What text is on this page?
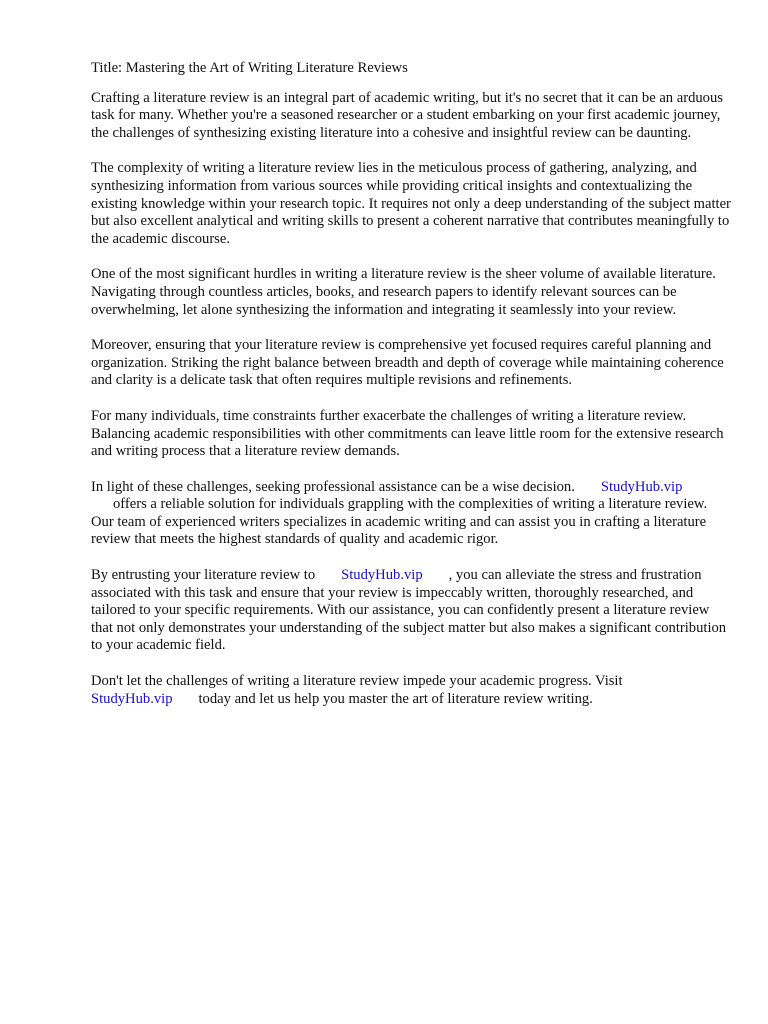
Title: Mastering the Art of Writing Literature Reviews

Crafting a literature review is an integral part of academic writing, but it's no secret that it can be an arduous task for many. Whether you're a seasoned researcher or a student embarking on your first academic journey, the challenges of synthesizing existing literature into a cohesive and insightful review can be daunting.

The complexity of writing a literature review lies in the meticulous process of gathering, analyzing, and synthesizing information from various sources while providing critical insights and contextualizing the existing knowledge within your research topic. It requires not only a deep understanding of the subject matter but also excellent analytical and writing skills to present a coherent narrative that contributes meaningfully to the academic discourse.

One of the most significant hurdles in writing a literature review is the sheer volume of available literature. Navigating through countless articles, books, and research papers to identify relevant sources can be overwhelming, let alone synthesizing the information and integrating it seamlessly into your review.

Moreover, ensuring that your literature review is comprehensive yet focused requires careful planning and organization. Striking the right balance between breadth and depth of coverage while maintaining coherence and clarity is a delicate task that often requires multiple revisions and refinements.

For many individuals, time constraints further exacerbate the challenges of writing a literature review. Balancing academic responsibilities with other commitments can leave little room for the extensive research and writing process that a literature review demands.

In light of these challenges, seeking professional assistance can be a wise decision. StudyHub.vip
offers a reliable solution for individuals grappling with the complexities of writing a literature review. Our team of experienced writers specializes in academic writing and can assist you in crafting a literature review that meets the highest standards of quality and academic rigor.

By entrusting your literature review to StudyHub.vip , you can alleviate the stress and frustration associated with this task and ensure that your review is impeccably written, thoroughly researched, and tailored to your specific requirements. With our assistance, you can confidently present a literature review that not only demonstrates your understanding of the subject matter but also makes a significant contribution to your academic field.

Don't let the challenges of writing a literature review impede your academic progress. Visit
StudyHub.vip today and let us help you master the art of literature review writing.
